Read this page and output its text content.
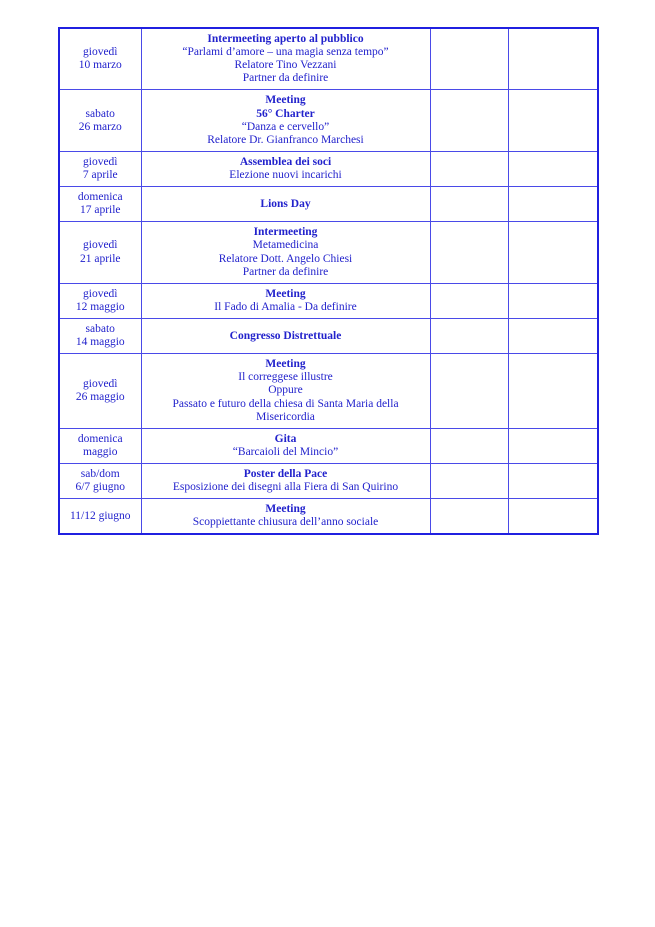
giovedì
10 marzo	Intermeeting aperto al pubblico
“Parlami d’amore – una magia senza tempo”
Relatore Tino Vezzani
Partner da definire		

sabato
26 marzo	Meeting
56° Charter
“Danza e cervello”
Relatore Dr. Gianfranco Marchesi		

giovedì
7 aprile	Assemblea dei soci
Elezione nuovi incarichi		

domenica
17 aprile	Lions Day		

giovedì
21 aprile	Intermeeting
Metamedicina
Relatore Dott. Angelo Chiesi
Partner da definire		

giovedì
12 maggio	Meeting
Il Fado di Amalia - Da definire		

sabato
14 maggio	Congresso Distrettuale		

giovedì
26 maggio	Meeting
Il correggese illustre
Oppure
Passato e futuro della chiesa di Santa Maria della
Misericordia		

domenica
maggio	Gita
“Barcaioli del Mincio”		

sab/dom
6/7 giugno	Poster della Pace
Esposizione dei disegni alla Fiera di San Quirino		

11/12 giugno	Meeting
Scoppiettante chiusura dell’anno sociale		
